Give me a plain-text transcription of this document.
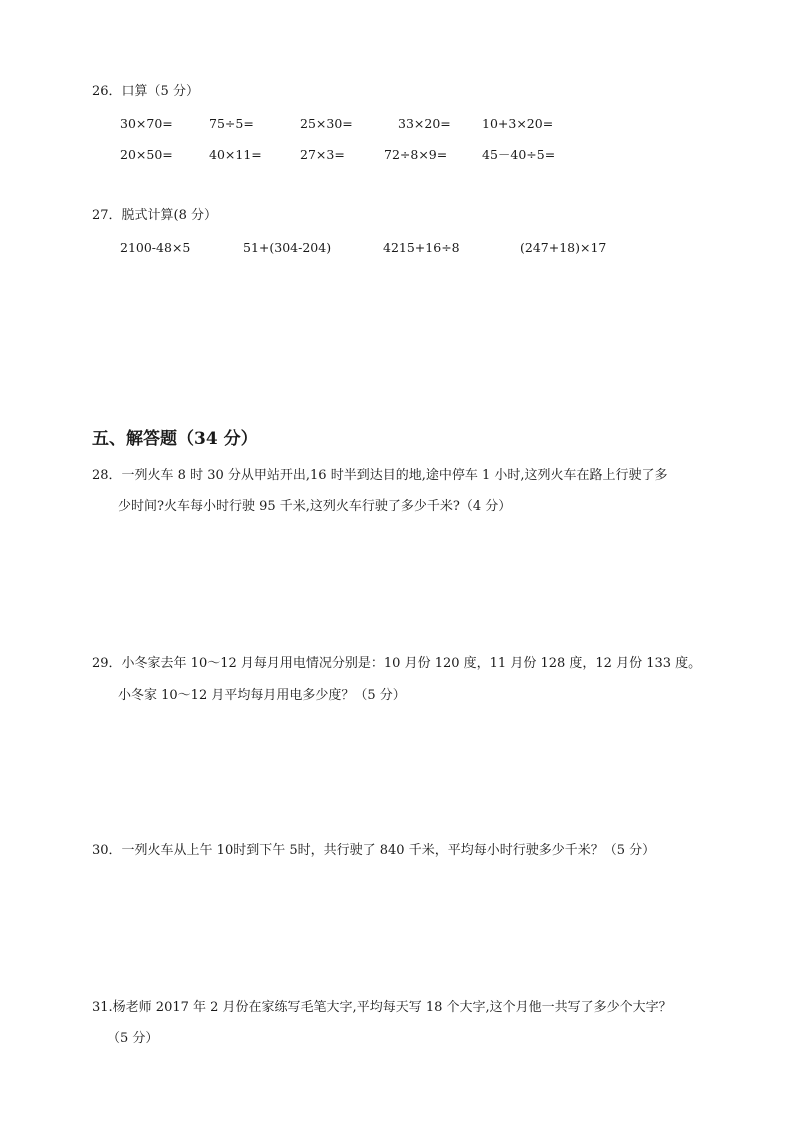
26．口算（5 分）
30×70=	75÷5=	25×30=	33×20= 10+3×20=
20×50=	40×11=	27×3=	72÷8×9=	45－40÷5=
27．脱式计算(8 分）
2100-48×5	51+(304-204)	4215+16÷8	(247+18)×17
五、解答题（34 分）
28．一列火车 8 时 30 分从甲站开出,16 时半到达目的地,途中停车 1 小时,这列火车在路上行驶了多
少时间?火车每小时行驶 95 千米,这列火车行驶了多少千米?（4 分）
29．小冬家去年 10～12 月每月用电情况分别是：10 月份 120 度，11 月份 128 度，12 月份 133 度。
小冬家 10～12 月平均每月用电多少度？（5 分）
30．一列火车从上午 10时到下午 5时，共行驶了 840 千米，平均每小时行驶多少千米？（5 分）
31.杨老师 2017 年 2 月份在家练写毛笔大字,平均每天写 18 个大字,这个月他一共写了多少个大字？
（5 分）
